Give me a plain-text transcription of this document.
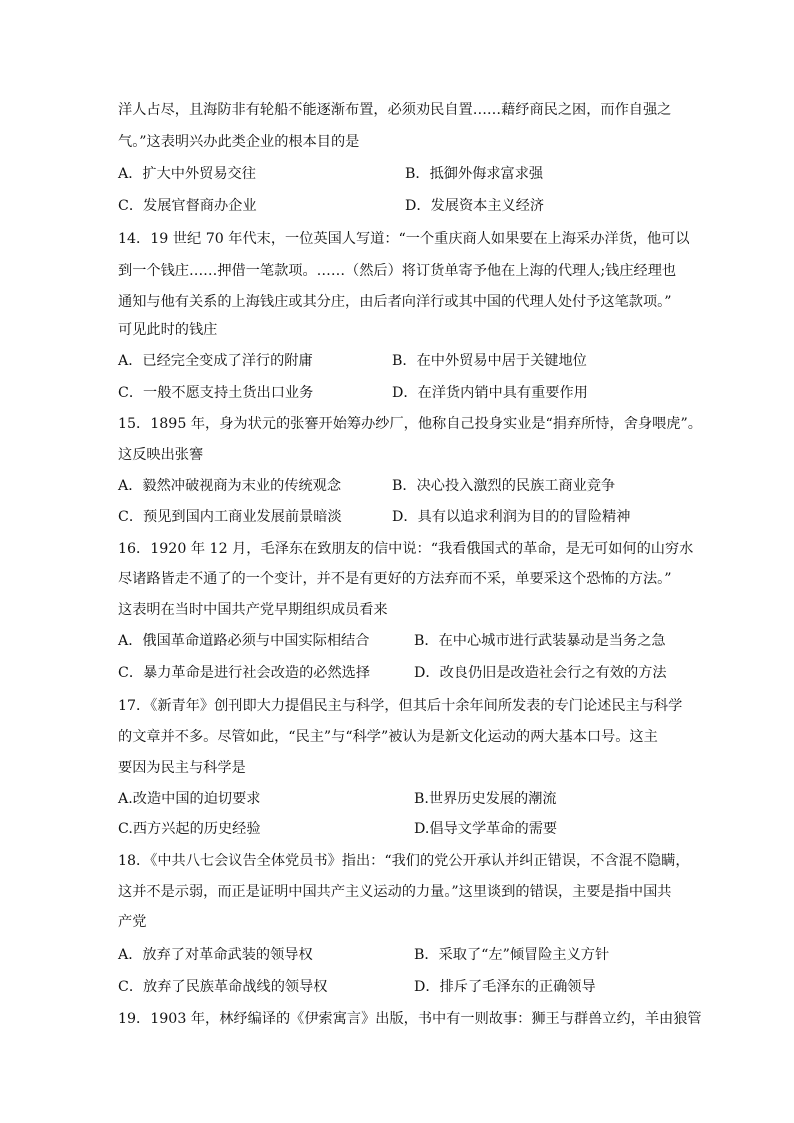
洋人占尽，且海防非有轮船不能逐渐布置，必须劝民自置……藉纾商民之困，而作自强之
气。”这表明兴办此类企业的根本目的是
A．扩大中外贸易交往	B．抵御外侮求富求强
C．发展官督商办企业	D．发展资本主义经济
14．19 世纪 70 年代末，一位英国人写道：“一个重庆商人如果要在上海采办洋货，他可以
到一个钱庄……押借一笔款项。……（然后）将订货单寄予他在上海的代理人;钱庄经理也
通知与他有关系的上海钱庄或其分庄，由后者向洋行或其中国的代理人处付予这笔款项。”
可见此时的钱庄
A．已经完全变成了洋行的附庸	B．在中外贸易中居于关键地位
C．一般不愿支持土货出口业务	D．在洋货内销中具有重要作用
15．1895 年，身为状元的张謇开始筹办纱厂，他称自己投身实业是“捐弃所恃，舍身喂虎”。
这反映出张謇
A．毅然冲破视商为末业的传统观念	B．决心投入激烈的民族工商业竞争
C．预见到国内工商业发展前景暗淡	D．具有以追求利润为目的的冒险精神
16．1920 年 12 月，毛泽东在致朋友的信中说：“我看俄国式的革命，是无可如何的山穷水
尽诸路皆走不通了的一个变计，并不是有更好的方法弃而不采，单要采这个恐怖的方法。”
这表明在当时中国共产党早期组织成员看来
A．俄国革命道路必须与中国实际相结合	B．在中心城市进行武装暴动是当务之急
C．暴力革命是进行社会改造的必然选择	D．改良仍旧是改造社会行之有效的方法
17．《新青年》创刊即大力提倡民主与科学，但其后十余年间所发表的专门论述民主与科学
的文章并不多。尽管如此，“民主”与“科学”被认为是新文化运动的两大基本口号。这主
要因为民主与科学是
A.改造中国的迫切要求	B.世界历史发展的潮流
C.西方兴起的历史经验	D.倡导文学革命的需要
18．《中共八七会议告全体党员书》指出：“我们的党公开承认并纠正错误，不含混不隐瞒，
这并不是示弱，而正是证明中国共产主义运动的力量。”这里谈到的错误，主要是指中国共
产党
A．放弃了对革命武装的领导权	B．采取了“左”倾冒险主义方针
C．放弃了民族革命战线的领导权	D．排斥了毛泽东的正确领导
19．1903 年，林纾编译的《伊索寓言》出版，书中有一则故事：狮王与群兽立约，羊由狼管
